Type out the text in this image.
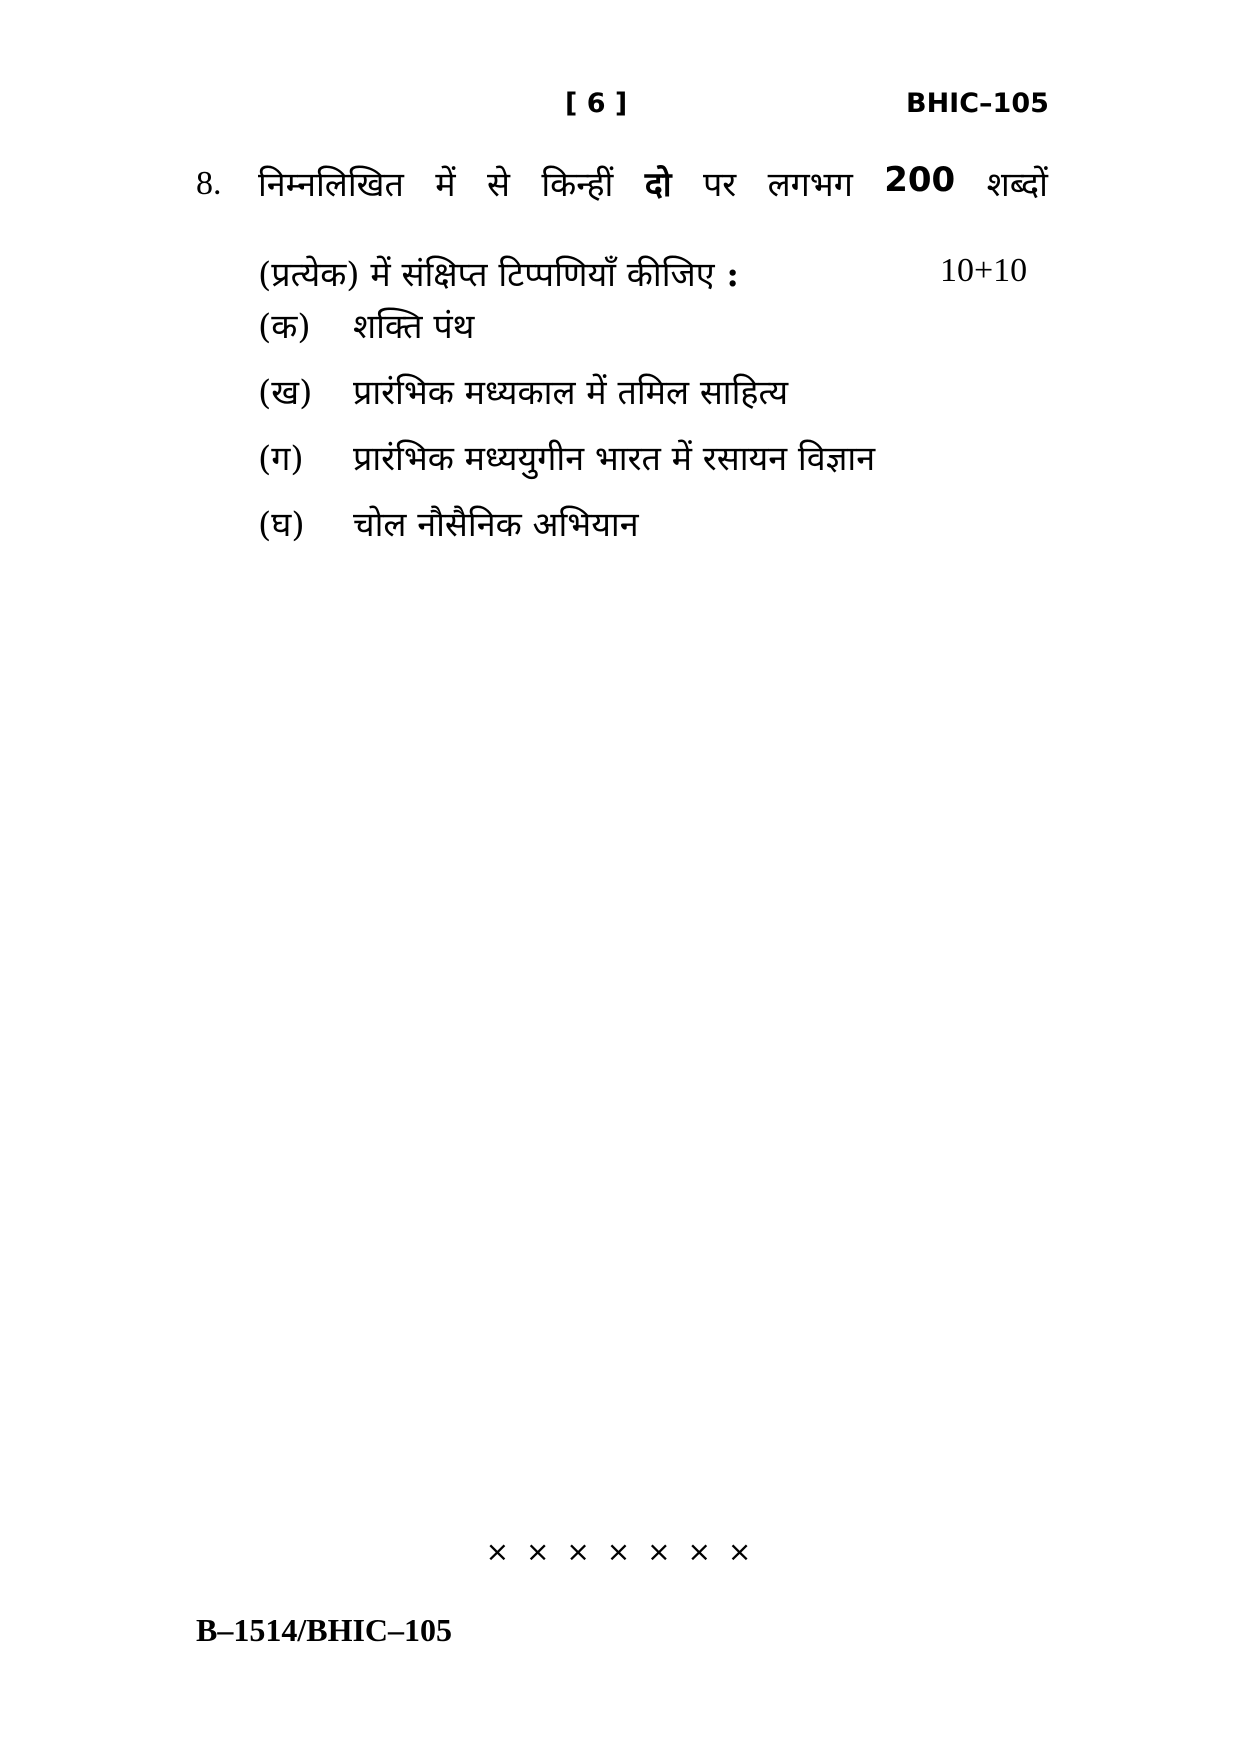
[ 6 ]	BHIC–105
8. निम्नलिखित में से किन्हीं दो पर लगभग 200 शब्दों
(प्रत्येक) में संक्षिप्त टिप्पणियाँ कीजिए :	10+10
(क) शक्ति पंथ
(ख) प्रारंभिक मध्यकाल में तमिल साहित्य
(ग) प्रारंभिक मध्ययुगीन भारत में रसायन विज्ञान
(घ) चोल नौसैनिक अभियान
× × × × × × ×
B–1514/BHIC–105
